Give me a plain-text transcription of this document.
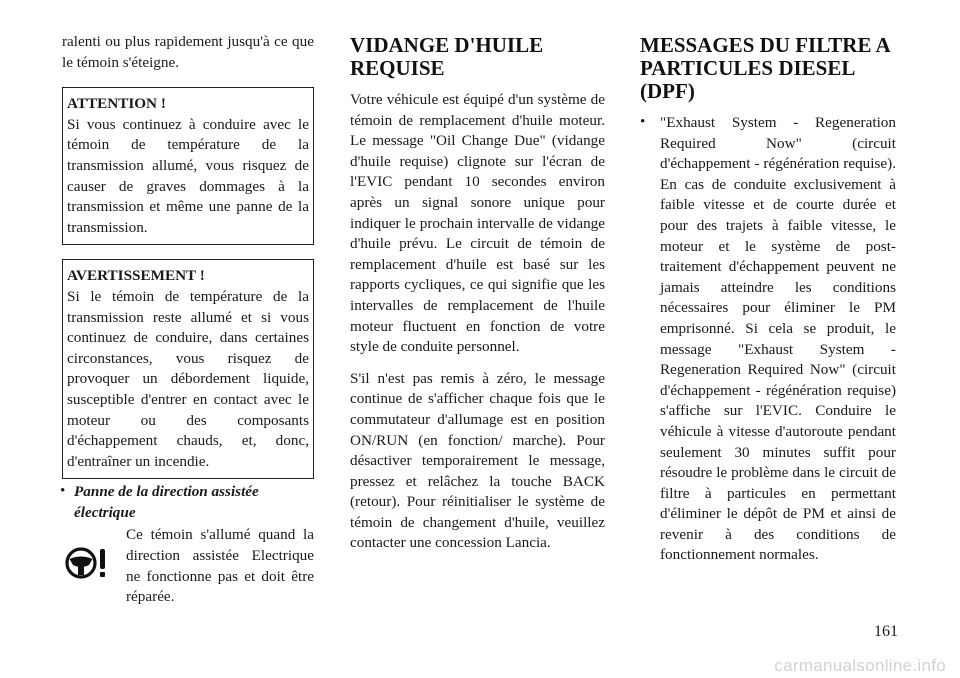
ralenti ou plus rapidement jusqu'à ce que le témoin s'éteigne.

ATTENTION !

Si vous continuez à conduire avec le témoin de température de la transmission allumé, vous risquez de causer de graves dommages à la transmission et même une panne de la transmission.

AVERTISSEMENT !

Si le témoin de température de la transmission reste allumé et si vous continuez de conduire, dans certaines circonstances, vous risquez de provoquer un débordement liquide, susceptible d'entrer en contact avec le moteur ou des composants d'échappement chauds, et, donc, d'entraîner un incendie.

• Panne de la direction assistée électrique

Ce témoin s'allumé quand la direction assistée Electrique ne fonctionne pas et doit être réparée.

VIDANGE D'HUILE REQUISE

Votre véhicule est équipé d'un système de témoin de remplacement d'huile moteur. Le message "Oil Change Due" (vidange d'huile requise) clignote sur l'écran de l'EVIC pendant 10 secondes environ après un signal sonore unique pour indiquer le prochain intervalle de vidange d'huile prévu. Le circuit de témoin de remplacement d'huile est basé sur les rapports cycliques, ce qui signifie que les intervalles de remplacement de l'huile moteur fluctuent en fonction de votre style de conduite personnel.

S'il n'est pas remis à zéro, le message continue de s'afficher chaque fois que le commutateur d'allumage est en position ON/RUN (en fonction/ marche). Pour désactiver temporairement le message, pressez et relâchez la touche BACK (retour). Pour réinitialiser le système de témoin de changement d'huile, veuillez contacter une concession Lancia.

MESSAGES DU FILTRE A PARTICULES DIESEL (DPF)
• "Exhaust System - Regeneration Required Now" (circuit d'échappement - régénération requise). En cas de conduite exclusivement à faible vitesse et de courte durée et pour des trajets à faible vitesse, le moteur et le système de post-traitement d'échappement peuvent ne jamais atteindre les conditions nécessaires pour éliminer le PM emprisonné. Si cela se produit, le message "Exhaust System - Regeneration Required Now" (circuit d'échappement - régénération requise) s'affiche sur l'EVIC. Conduire le véhicule à vitesse d'autoroute pendant seulement 30 minutes suffit pour résoudre le problème dans le circuit de filtre à particules en permettant d'éliminer le dépôt de PM et ainsi de revenir à des conditions de fonctionnement normales.

161
carmanualsonline.info
